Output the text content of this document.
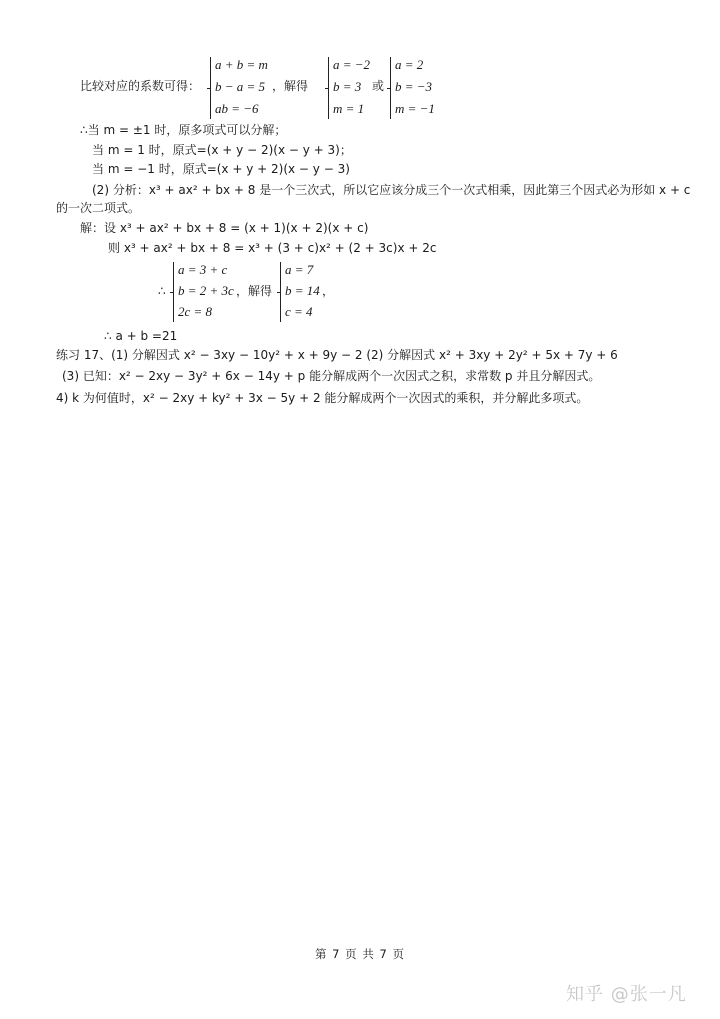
比较对应的系数可得：
a + b = m
b − a = 5
ab = −6
，解得
a = −2
b = 3
m = 1
或
a = 2
b = −3
m = −1
∴当 m = ±1 时，原多项式可以分解；
当 m = 1 时，原式=(x + y − 2)(x − y + 3)；
当 m = −1 时，原式=(x + y + 2)(x − y − 3)
(2) 分析：x³ + ax² + bx + 8 是一个三次式，所以它应该分成三个一次式相乘，因此第三个因式必为形如 x + c
的一次二项式。
解：设 x³ + ax² + bx + 8 = (x + 1)(x + 2)(x + c)
则 x³ + ax² + bx + 8 = x³ + (3 + c)x² + (2 + 3c)x + 2c
∴
a = 3 + c
b = 2 + 3c
2c = 8
，解得
a = 7
b = 14
c = 4
，
∴ a + b =21
练习 17、(1) 分解因式 x² − 3xy − 10y² + x + 9y − 2 (2) 分解因式 x² + 3xy + 2y² + 5x + 7y + 6
(3) 已知：x² − 2xy − 3y² + 6x − 14y + p 能分解成两个一次因式之积，求常数 p 并且分解因式。
4) k 为何值时，x² − 2xy + ky² + 3x − 5y + 2 能分解成两个一次因式的乘积，并分解此多项式。
第 7 页 共 7 页
知乎 @张一凡
